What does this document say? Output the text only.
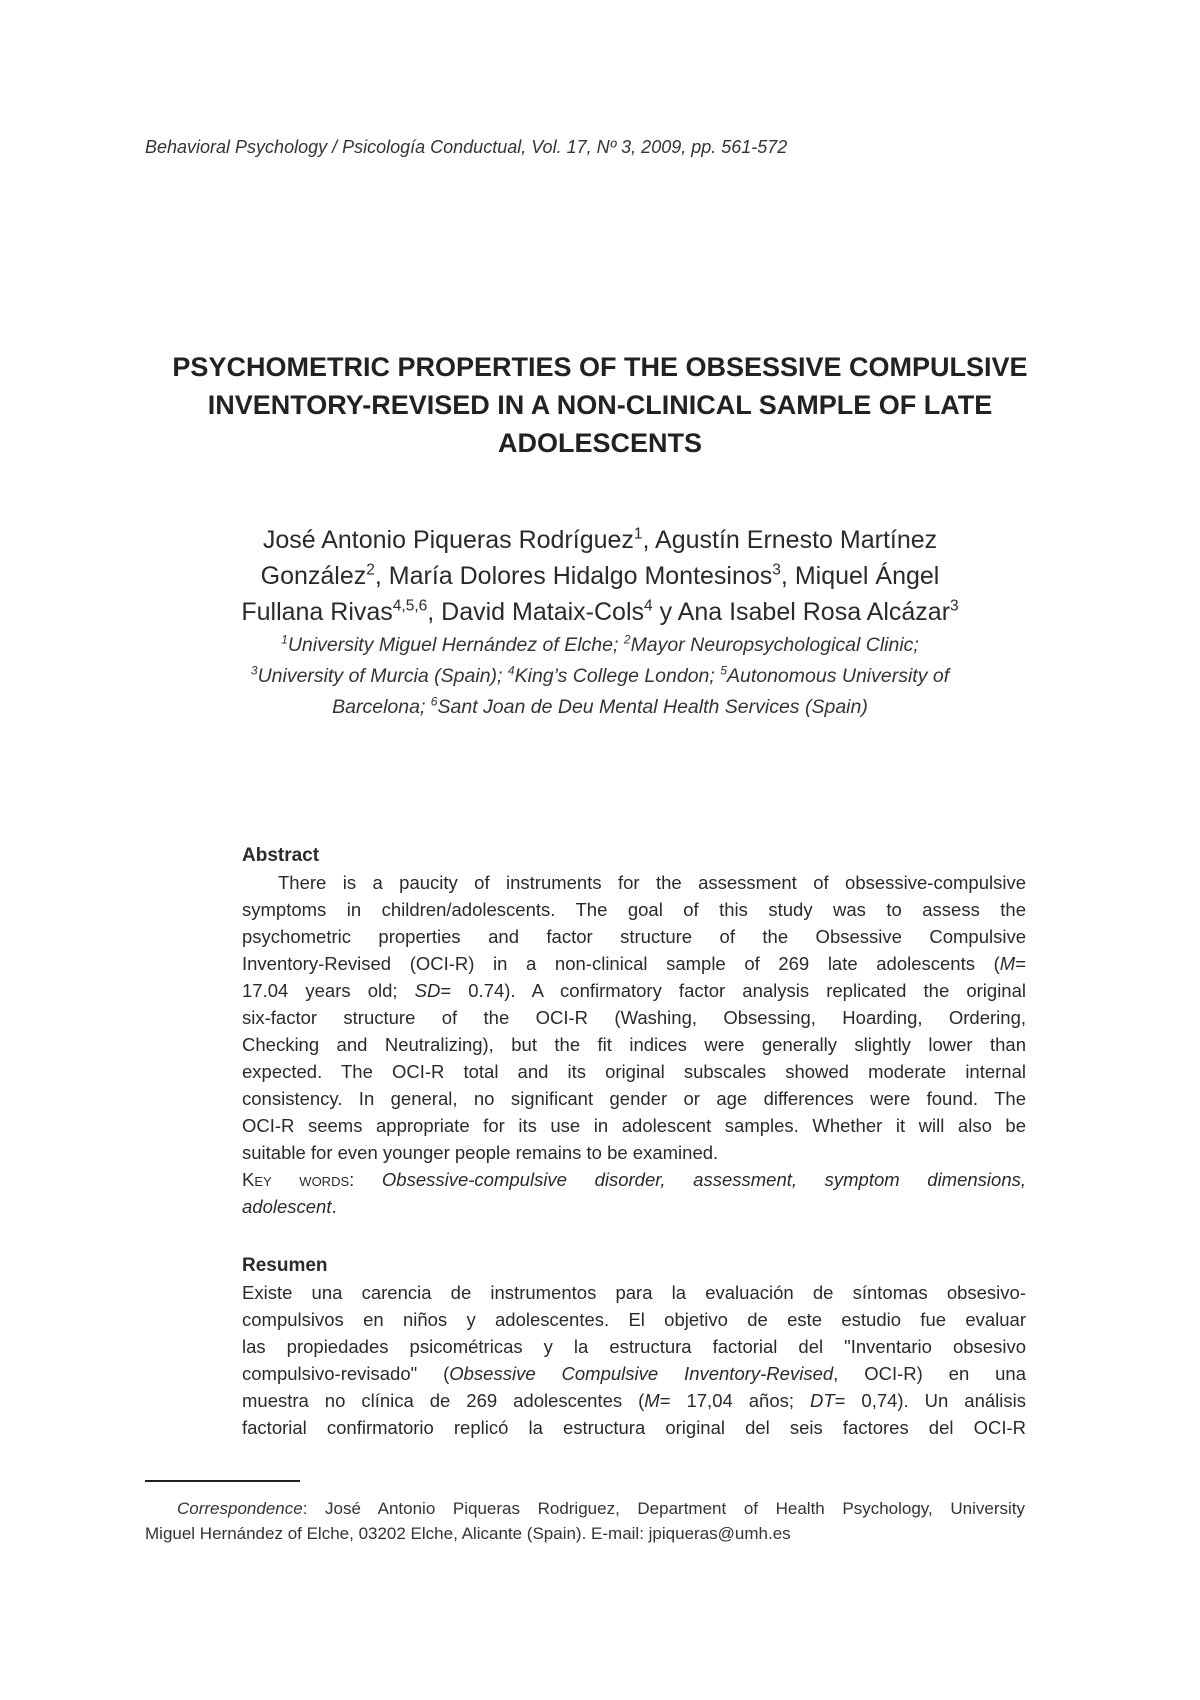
Behavioral Psychology / Psicología Conductual, Vol. 17, Nº 3, 2009, pp. 561-572
PSYCHOMETRIC PROPERTIES OF THE OBSESSIVE COMPULSIVE
INVENTORY-REVISED IN A NON-CLINICAL SAMPLE OF LATE
ADOLESCENTS
José Antonio Piqueras Rodríguez$^1$, Agustín Ernesto Martínez
González$^2$, María Dolores Hidalgo Montesinos$^3$, Miquel Ángel
Fullana Rivas$^{4,5,6}$, David Mataix-Cols$^4$ y Ana Isabel Rosa Alcázar$^3$
$^1$University Miguel Hernández of Elche; $^2$Mayor Neuropsychological Clinic;
$^3$University of Murcia (Spain); $^4$King’s College London; $^5$Autonomous University of
Barcelona; $^6$Sant Joan de Deu Mental Health Services (Spain)
Abstract
There is a paucity of instruments for the assessment of obsessive-compulsive
symptoms in children/adolescents. The goal of this study was to assess the
psychometric properties and factor structure of the Obsessive Compulsive
Inventory-Revised (OCI-R) in a non-clinical sample of 269 late adolescents (M=
17.04 years old; SD= 0.74). A confirmatory factor analysis replicated the original
six-factor structure of the OCI-R (Washing, Obsessing, Hoarding, Ordering,
Checking and Neutralizing), but the fit indices were generally slightly lower than
expected. The OCI-R total and its original subscales showed moderate internal
consistency. In general, no significant gender or age differences were found. The
OCI-R seems appropriate for its use in adolescent samples. Whether it will also be
suitable for even younger people remains to be examined.
Key words: Obsessive-compulsive disorder, assessment, symptom dimensions,
adolescent.
Resumen
Existe una carencia de instrumentos para la evaluación de síntomas obsesivo-
compulsivos en niños y adolescentes. El objetivo de este estudio fue evaluar
las propiedades psicométricas y la estructura factorial del "Inventario obsesivo
compulsivo-revisado" (Obsessive Compulsive Inventory-Revised, OCI-R) en una
muestra no clínica de 269 adolescentes (M= 17,04 años; DT= 0,74). Un análisis
factorial confirmatorio replicó la estructura original del seis factores del OCI-R
Correspondence: José Antonio Piqueras Rodriguez, Department of Health Psychology, University
Miguel Hernández of Elche, 03202 Elche, Alicante (Spain). E-mail: jpiqueras@umh.es
